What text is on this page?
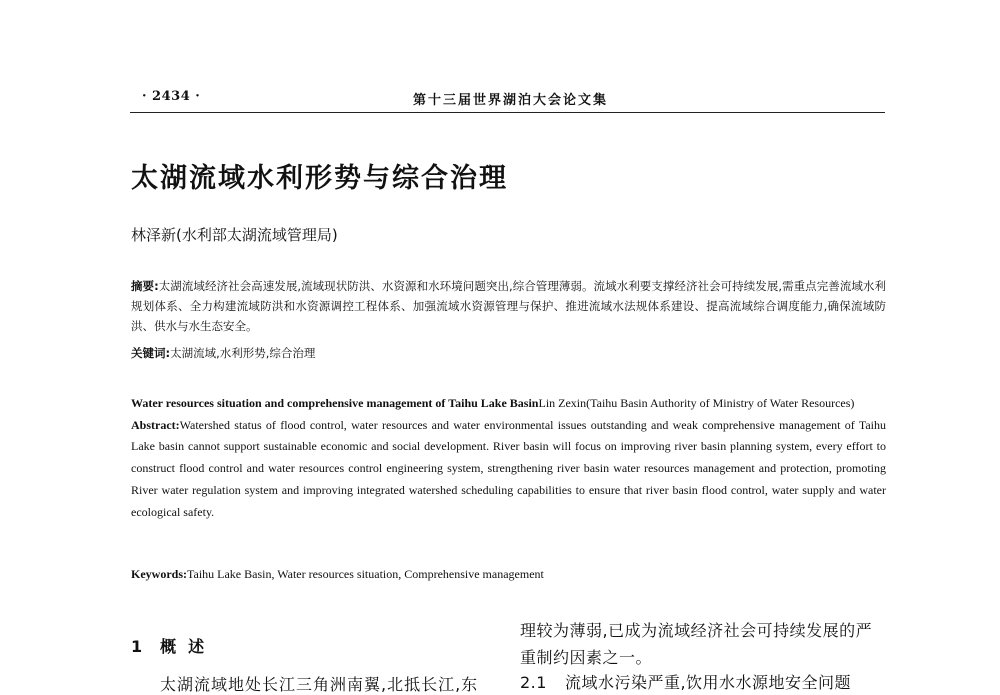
· 2434 ·	第十三届世界湖泊大会论文集
太湖流域水利形势与综合治理
林泽新(水利部太湖流域管理局)
摘要:太湖流域经济社会高速发展,流域现状防洪、水资源和水环境问题突出,综合管理薄弱。流域水利要支撑经济社会可持续发展,需重点完善流域水利规划体系、全力构建流域防洪和水资源调控工程体系、加强流域水资源管理与保护、推进流域水法规体系建设、提高流域综合调度能力,确保流域防洪、供水与水生态安全。
关键词:太湖流域,水利形势,综合治理
Water resources situation and comprehensive management of Taihu Lake BasinLin Zexin(Taihu Basin Authority of Ministry of Water Resources)
Abstract:Watershed status of flood control, water resources and water environmental issues outstanding and weak comprehensive management of Taihu Lake basin cannot support sustainable economic and social development. River basin will focus on improving river basin planning system, every effort to construct flood control and water resources control engineering system, strengthening river basin water resources management and protection, promoting River water regulation system and improving integrated watershed scheduling capabilities to ensure that river basin flood control, water supply and water ecological safety.
Keywords:Taihu Lake Basin, Water resources situation, Comprehensive management
1 概述
太湖流域地处长江三角洲南翼,北抵长江,东
理较为薄弱,已成为流域经济社会可持续发展的严
重制约因素之一。
2.1 流域水污染严重,饮用水水源地安全问题
